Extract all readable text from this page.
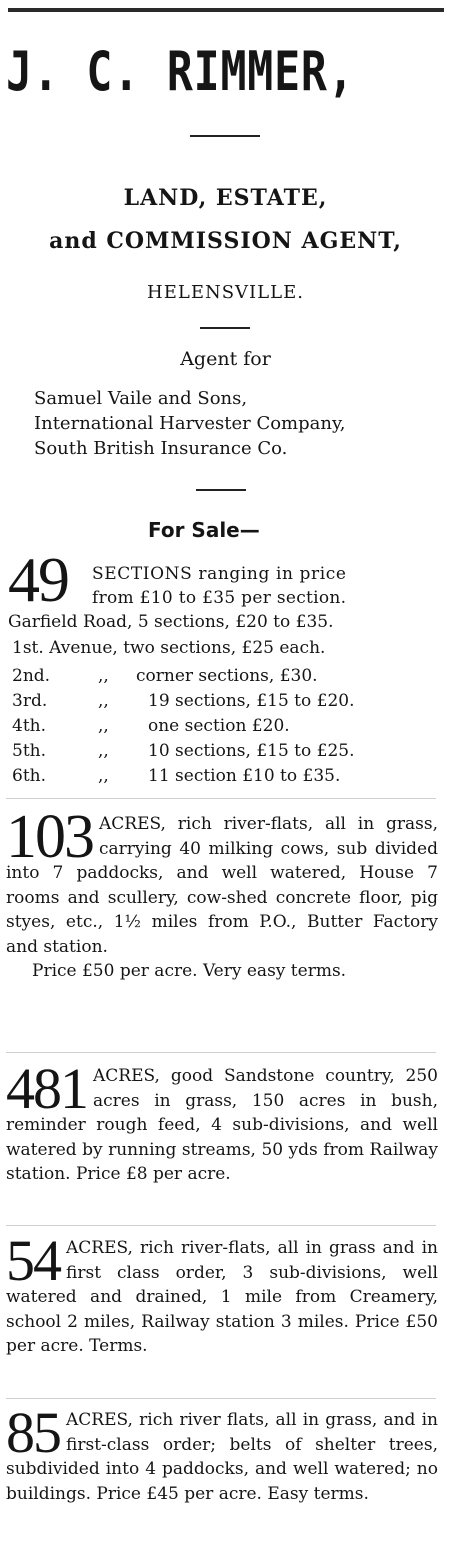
J. C. RIMMER,
LAND, ESTATE,
and COMMISSION AGENT,
HELENSVILLE.
Agent for
Samuel Vaile and Sons,
International Harvester Company,
South British Insurance Co.
For Sale—
49 SECTIONS ranging in price
from £10 to £35 per section.
Garfield Road, 5 sections, £20 to £35.
1st. Avenue, two sections, £25 each.
2nd.	,, corner sections, £30.
3rd.	,, 19 sections, £15 to £20.
4th.	,, one section £20.
5th.	,, 10 sections, £15 to £25.
6th.	,, 11 section £10 to £35.
103 ACRES, rich river-flats, all in grass, carrying 40 milking cows, sub divided into 7 paddocks, and well watered, House 7 rooms and scullery, cow-shed concrete floor, pig styes, etc., 1½ miles from P.O., Butter Factory and station.

Price £50 per acre. Very easy terms.

481 ACRES, good Sandstone country, 250 acres in grass, 150 acres in bush, reminder rough feed, 4 sub-divisions, and well watered by running streams, 50 yds from Railway station. Price £8 per acre.

54 ACRES, rich river-flats, all in grass and in first class order, 3 sub-divisions, well watered and drained, 1 mile from Creamery, school 2 miles, Railway station 3 miles. Price £50 per acre. Terms.

85 ACRES, rich river flats, all in grass, and in first-class order; belts of shelter trees, subdivided into 4 paddocks, and well watered; no buildings. Price £45 per acre. Easy terms.
